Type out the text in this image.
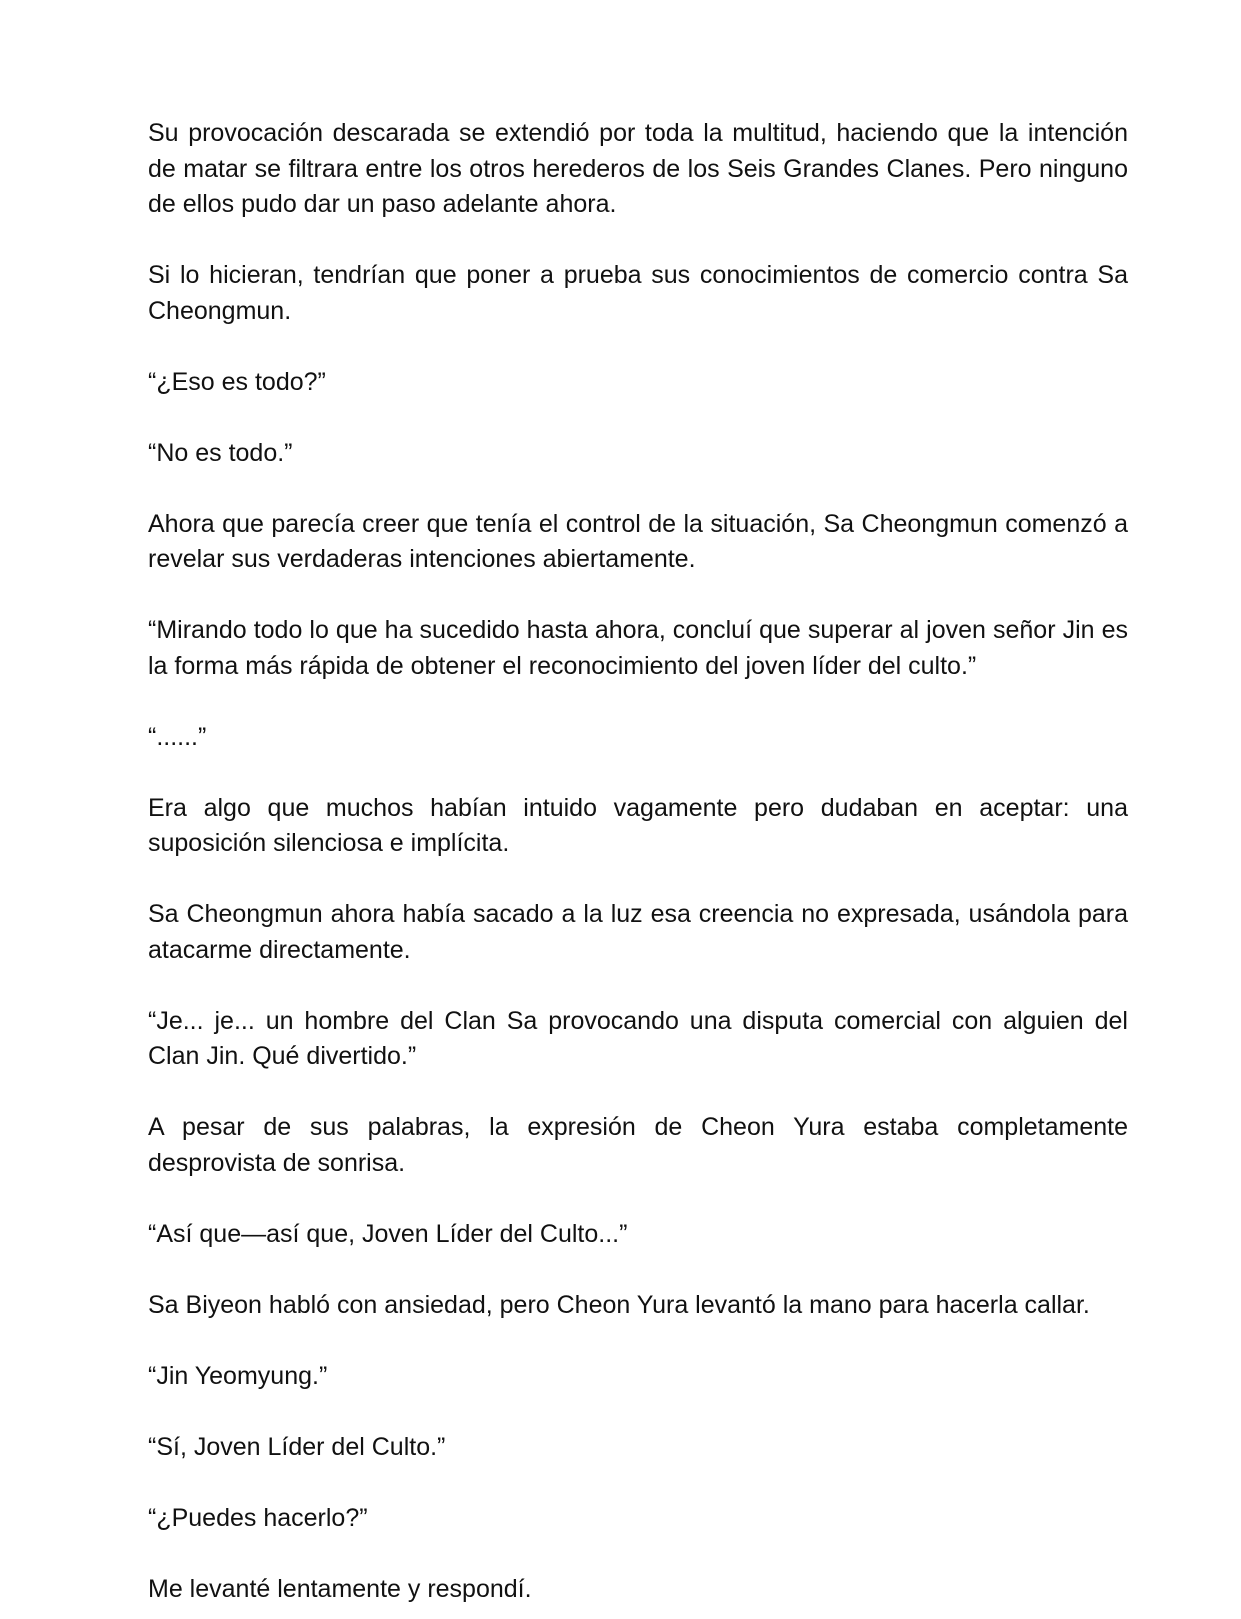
Su provocación descarada se extendió por toda la multitud, haciendo que la intención de matar se filtrara entre los otros herederos de los Seis Grandes Clanes. Pero ninguno de ellos pudo dar un paso adelante ahora.

Si lo hicieran, tendrían que poner a prueba sus conocimientos de comercio contra Sa Cheongmun.

“¿Eso es todo?”

“No es todo.”

Ahora que parecía creer que tenía el control de la situación, Sa Cheongmun comenzó a revelar sus verdaderas intenciones abiertamente.

“Mirando todo lo que ha sucedido hasta ahora, concluí que superar al joven señor Jin es la forma más rápida de obtener el reconocimiento del joven líder del culto.”

“......”

Era algo que muchos habían intuido vagamente pero dudaban en aceptar: una suposición silenciosa e implícita.

Sa Cheongmun ahora había sacado a la luz esa creencia no expresada, usándola para atacarme directamente.

“Je... je... un hombre del Clan Sa provocando una disputa comercial con alguien del Clan Jin. Qué divertido.”

A pesar de sus palabras, la expresión de Cheon Yura estaba completamente desprovista de sonrisa.

“Así que—así que, Joven Líder del Culto...”

Sa Biyeon habló con ansiedad, pero Cheon Yura levantó la mano para hacerla callar.

“Jin Yeomyung.”

“Sí, Joven Líder del Culto.”

“¿Puedes hacerlo?”

Me levanté lentamente y respondí.
